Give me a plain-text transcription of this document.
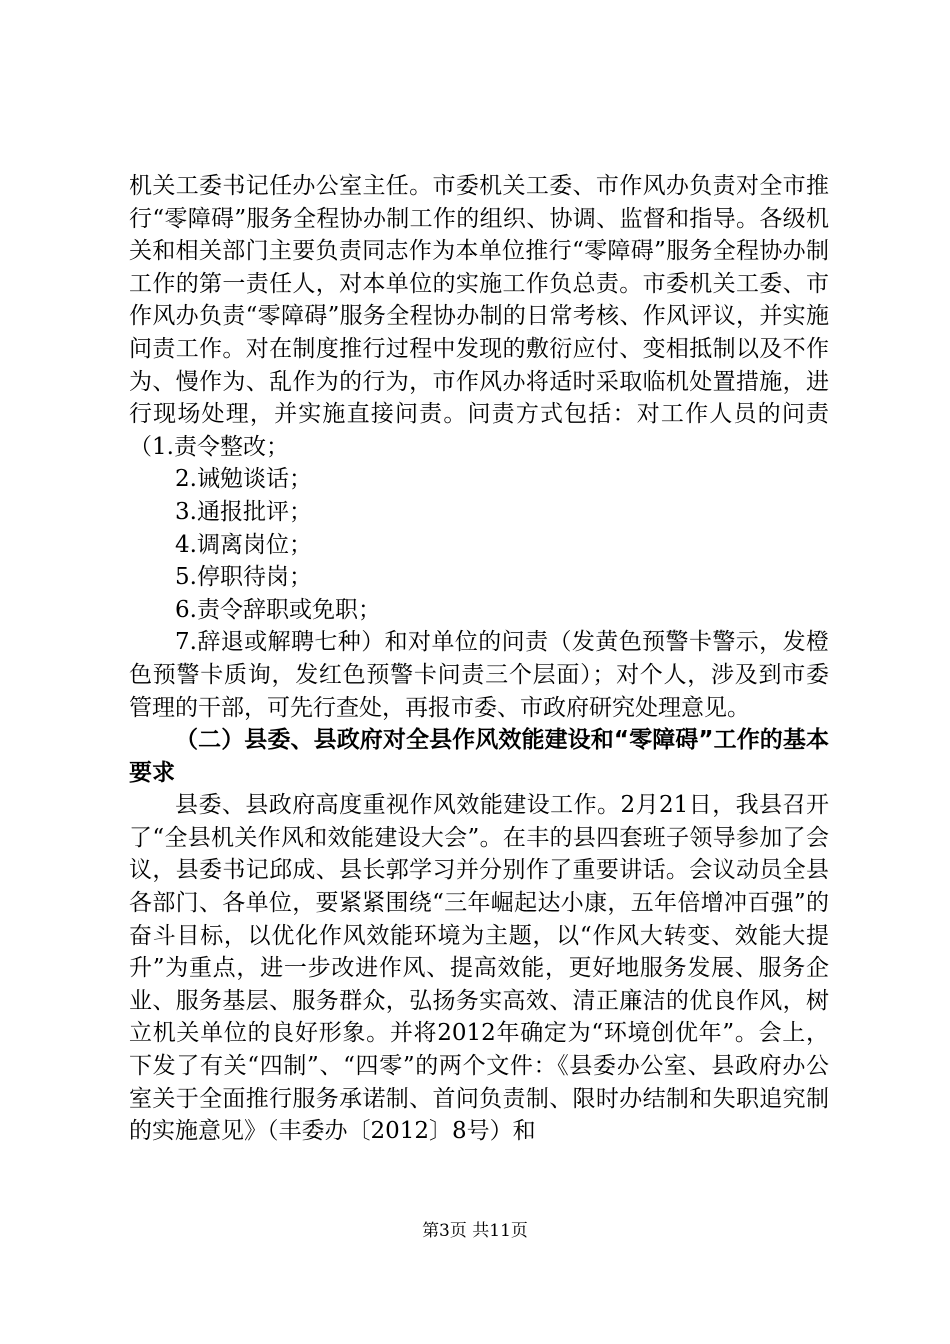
机关工委书记任办公室主任。市委机关工委、市作风办负责对全市推行“零障碍”服务全程协办制工作的组织、协调、监督和指导。各级机关和相关部门主要负责同志作为本单位推行“零障碍”服务全程协办制工作的第一责任人，对本单位的实施工作负总责。市委机关工委、市作风办负责“零障碍”服务全程协办制的日常考核、作风评议，并实施问责工作。对在制度推行过程中发现的敷衍应付、变相抵制以及不作为、慢作为、乱作为的行为，市作风办将适时采取临机处置措施，进行现场处理，并实施直接问责。问责方式包括：对工作人员的问责（1.责令整改；

2.诫勉谈话；

3.通报批评；

4.调离岗位；

5.停职待岗；

6.责令辞职或免职；

7.辞退或解聘七种）和对单位的问责（发黄色预警卡警示，发橙色预警卡质询，发红色预警卡问责三个层面）；对个人，涉及到市委管理的干部，可先行查处，再报市委、市政府研究处理意见。

（二）县委、县政府对全县作风效能建设和“零障碍”工作的基本要求

县委、县政府高度重视作风效能建设工作。2月21日，我县召开了“全县机关作风和效能建设大会”。在丰的县四套班子领导参加了会议，县委书记邱成、县长郭学习并分别作了重要讲话。会议动员全县各部门、各单位，要紧紧围绕“三年崛起达小康，五年倍增冲百强”的奋斗目标，以优化作风效能环境为主题，以“作风大转变、效能大提升”为重点，进一步改进作风、提高效能，更好地服务发展、服务企业、服务基层、服务群众，弘扬务实高效、清正廉洁的优良作风，树立机关单位的良好形象。并将2012年确定为“环境创优年”。会上，下发了有关“四制”、“四零”的两个文件：《县委办公室、县政府办公室关于全面推行服务承诺制、首问负责制、限时办结制和失职追究制的实施意见》（丰委办〔2012〕8号）和

第3页 共11页
